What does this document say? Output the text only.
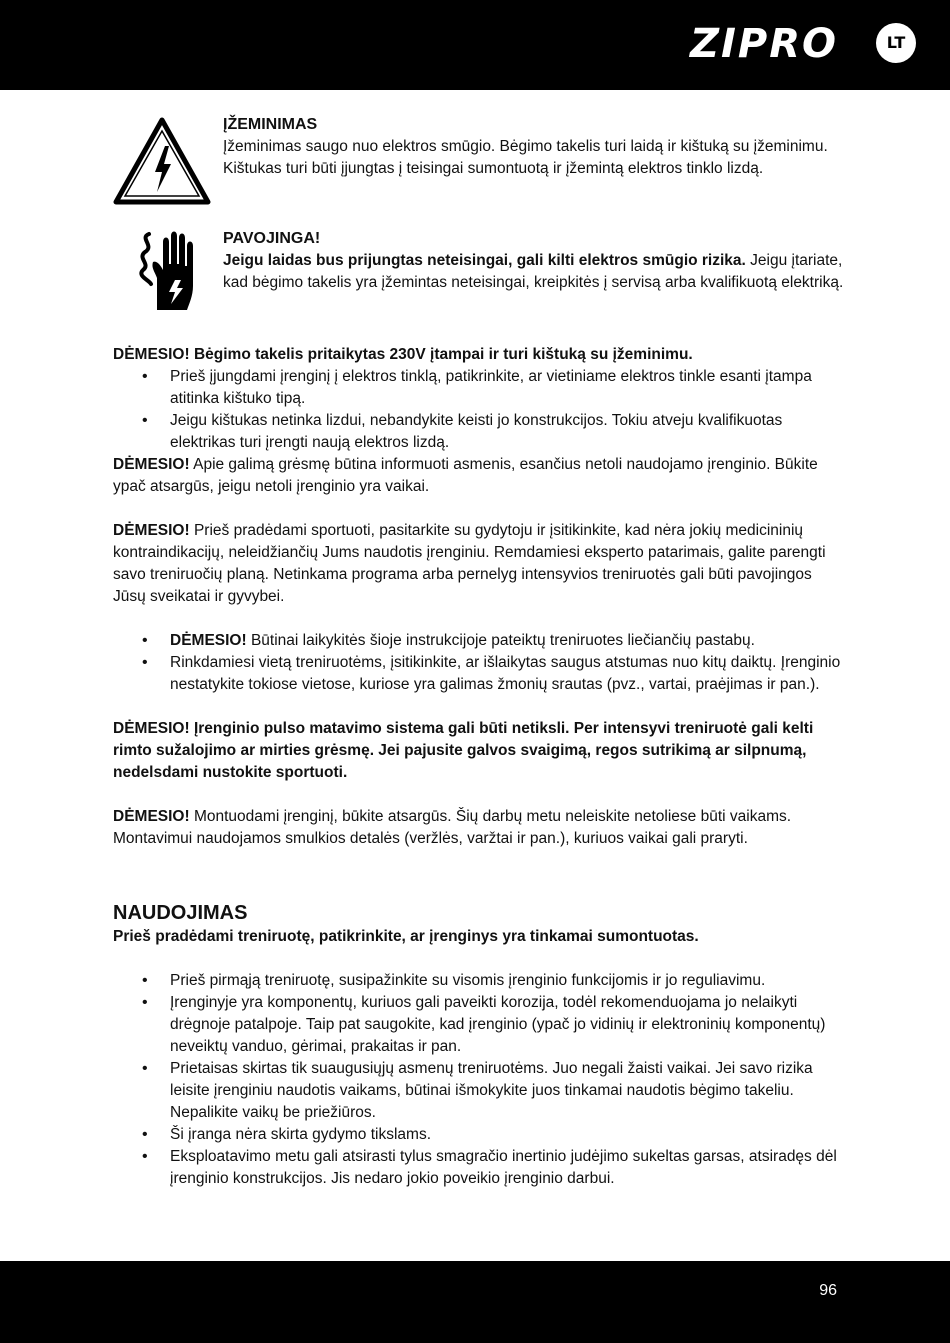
ZIPRO	LT
ĮŽEMINIMAS

Įžeminimas saugo nuo elektros smūgio. Bėgimo takelis turi laidą ir kištuką su įžeminimu. Kištukas turi būti įjungtas į teisingai sumontuotą ir įžemintą elektros tinklo lizdą.

PAVOJINGA!

Jeigu laidas bus prijungtas neteisingai, gali kilti elektros smūgio rizika. Jeigu įtariate, kad bėgimo takelis yra įžemintas neteisingai, kreipkitės į servisą arba kvalifikuotą elektriką.

DĖMESIO! Bėgimo takelis pritaikytas 230V įtampai ir turi kištuką su įžeminimu.

• Prieš įjungdami įrenginį į elektros tinklą, patikrinkite, ar vietiniame elektros tinkle esanti įtampa atitinka kištuko tipą.
• Jeigu kištukas netinka lizdui, nebandykite keisti jo konstrukcijos. Tokiu atveju kvalifikuotas elektrikas turi įrengti naują elektros lizdą.

DĖMESIO! Apie galimą grėsmę būtina informuoti asmenis, esančius netoli naudojamo įrenginio. Būkite ypač atsargūs, jeigu netoli įrenginio yra vaikai.

DĖMESIO! Prieš pradėdami sportuoti, pasitarkite su gydytoju ir įsitikinkite, kad nėra jokių medicininių kontraindikacijų, neleidžiančių Jums naudotis įrenginiu. Remdamiesi eksperto patarimais, galite parengti savo treniruočių planą. Netinkama programa arba pernelyg intensyvios treniruotės gali būti pavojingos Jūsų sveikatai ir gyvybei.

• DĖMESIO! Būtinai laikykitės šioje instrukcijoje pateiktų treniruotes liečiančių pastabų.
• Rinkdamiesi vietą treniruotėms, įsitikinkite, ar išlaikytas saugus atstumas nuo kitų daiktų. Įrenginio nestatykite tokiose vietose, kuriose yra galimas žmonių srautas (pvz., vartai, praėjimas ir pan.).

DĖMESIO! Įrenginio pulso matavimo sistema gali būti netiksli. Per intensyvi treniruotė gali kelti rimto sužalojimo ar mirties grėsmę. Jei pajusite galvos svaigimą, regos sutrikimą ar silpnumą, nedelsdami nustokite sportuoti.

DĖMESIO! Montuodami įrenginį, būkite atsargūs. Šių darbų metu neleiskite netoliese būti vaikams. Montavimui naudojamos smulkios detalės (veržlės, varžtai ir pan.), kuriuos vaikai gali praryti.

NAUDOJIMAS

Prieš pradėdami treniruotę, patikrinkite, ar įrenginys yra tinkamai sumontuotas.

• Prieš pirmąją treniruotę, susipažinkite su visomis įrenginio funkcijomis ir jo reguliavimu.
• Įrenginyje yra komponentų, kuriuos gali paveikti korozija, todėl rekomenduojama jo nelaikyti drėgnoje patalpoje. Taip pat saugokite, kad įrenginio (ypač jo vidinių ir elektroninių komponentų) neveiktų vanduo, gėrimai, prakaitas ir pan.
• Prietaisas skirtas tik suaugusiųjų asmenų treniruotėms. Juo negali žaisti vaikai. Jei savo rizika leisite įrenginiu naudotis vaikams, būtinai išmokykite juos tinkamai naudotis bėgimo takeliu. Nepalikite vaikų be priežiūros.
• Ši įranga nėra skirta gydymo tikslams.
• Eksploatavimo metu gali atsirasti tylus smagračio inertinio judėjimo sukeltas garsas, atsiradęs dėl įrenginio konstrukcijos. Jis nedaro jokio poveikio įrenginio darbui.
96
